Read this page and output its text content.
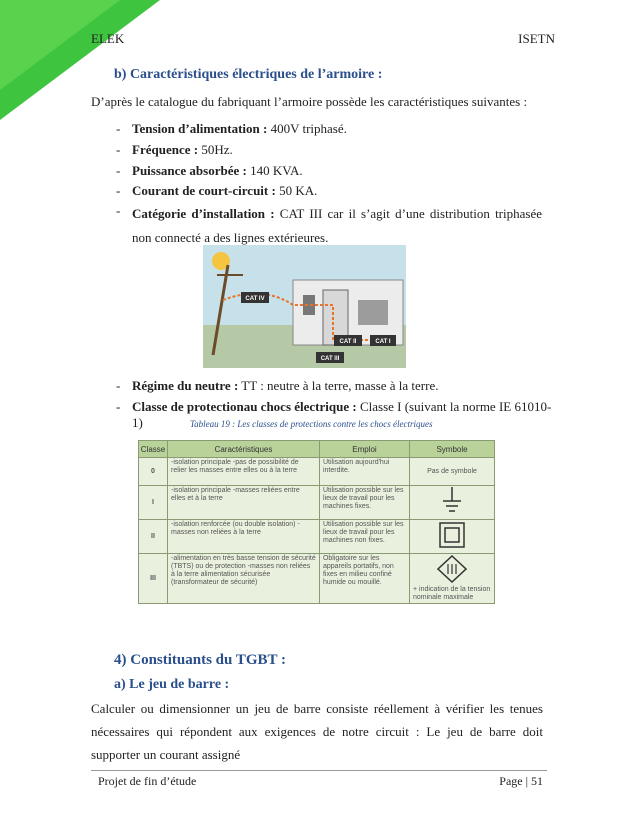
ELEK	ISETN
b) Caractéristiques électriques de l’armoire :
D’après le catalogue du fabriquant l’armoire possède les caractéristiques suivantes :
- Tension d’alimentation : 400V triphasé.
- Fréquence : 50Hz.
- Puissance absorbée : 140 KVA.
- Courant de court-circuit : 50 KA.
- Catégorie d’installation : CAT III car il s’agit d’une distribution triphasée non connecté a des lignes extérieures.
CAT IV
CAT III
CAT II	CAT I
- Régime du neutre : TT : neutre à la terre, masse à la terre.
- Classe de protectionau chocs électrique : Classe I (suivant la norme IE 61010-1)	Tableau 19 : Les classes de protections contre les chocs électriques
Classe	Caractéristiques	Emploi	Symbole
0	-isolation principale -pas de possibilité de relier les masses entre elles ou à la terre	Utilisation aujourd'hui interdite.	Pas de symbole
I	-isolation principale -masses reliées entre elles et à la terre	Utilisation possible sur les lieux de travail pour les machines fixes.	
II	-isolation renforcée (ou double isolation) - masses non reliées à la terre	Utilisation possible sur les lieux de travail pour les machines non fixes.	
III	-alimentation en très basse tension de sécurité (TBTS) ou de protection -masses non reliées à la terre alimentation sécurisée (transformateur de sécurité)	Obligatoire sur les appareils portatifs, non fixes en milieu confiné humide ou mouillé.	+ indication de la tension nominale maximale
4) Constituants du TGBT :
a) Le jeu de barre :
Calculer ou dimensionner un jeu de barre consiste réellement à vérifier les tenues nécessaires qui répondent aux exigences de notre circuit : Le jeu de barre doit supporter un courant assigné
Projet de fin d’étude	Page | 51
